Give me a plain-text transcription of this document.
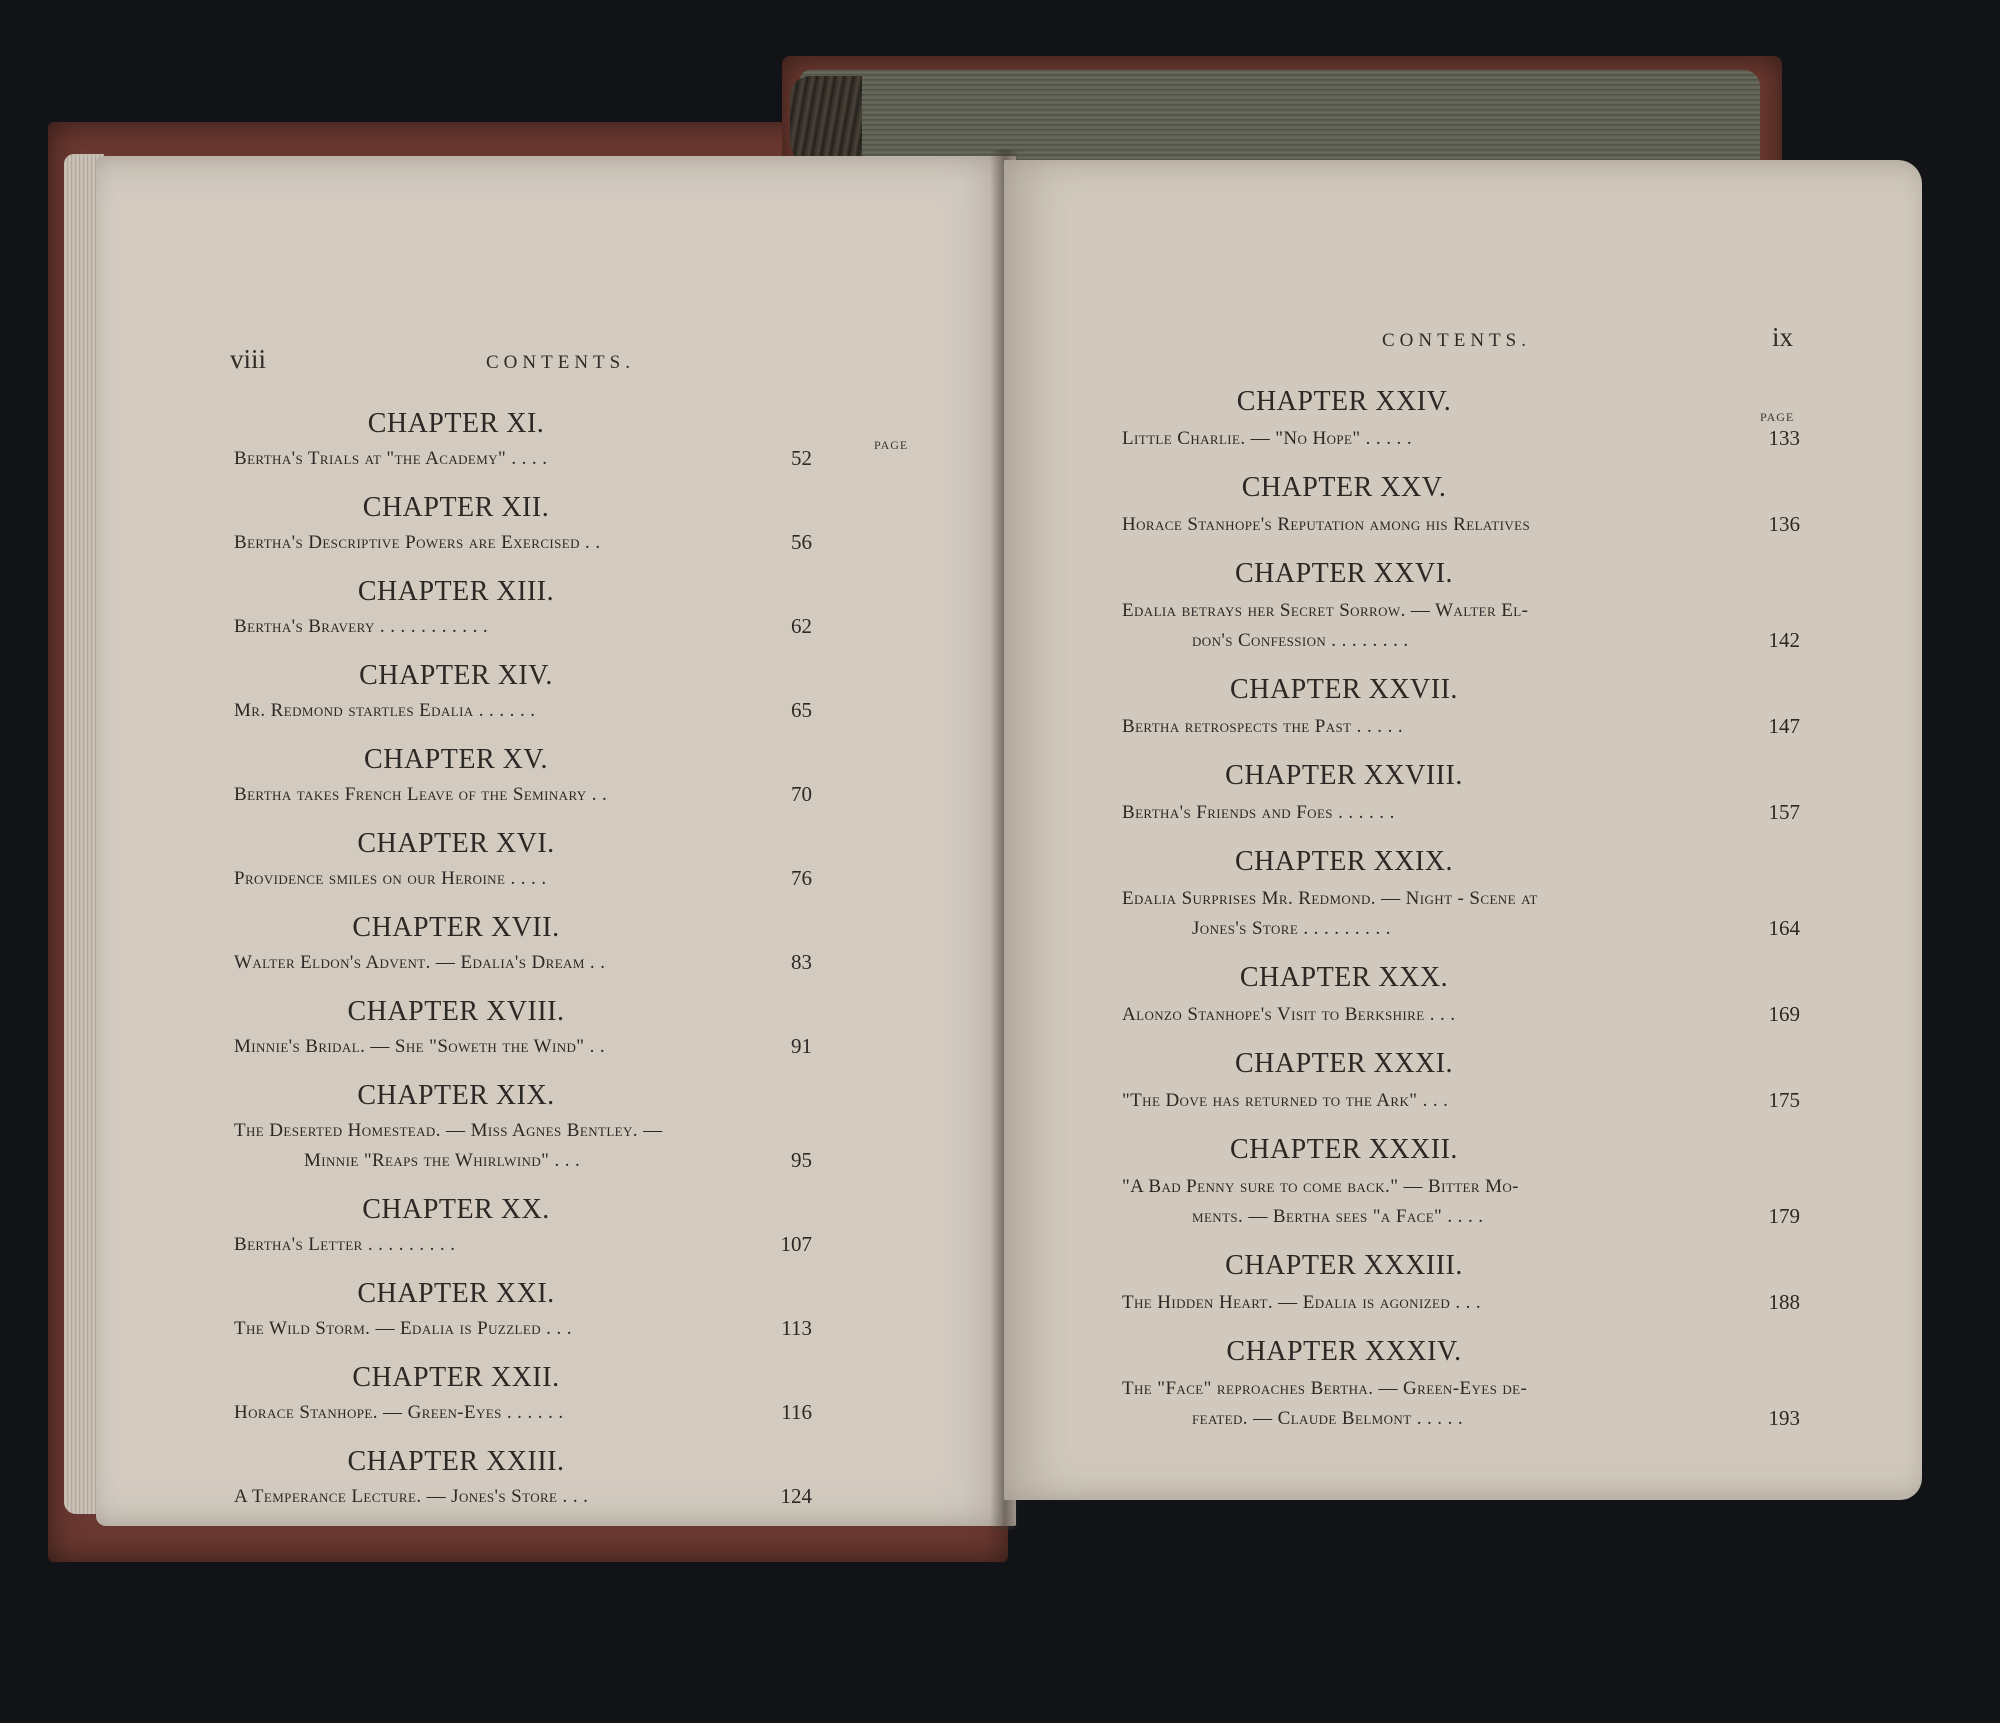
viii	CONTENTS.
PAGE
CHAPTER XI.
Bertha's Trials at "the Academy" . . . .	52
CHAPTER XII.
Bertha's Descriptive Powers are Exercised . .	56
CHAPTER XIII.
Bertha's Bravery . . . . . . . . . . .	62
CHAPTER XIV.
Mr. Redmond startles Edalia . . . . . .	65
CHAPTER XV.
Bertha takes French Leave of the Seminary . .	70
CHAPTER XVI.
Providence smiles on our Heroine . . . .	76
CHAPTER XVII.
Walter Eldon's Advent. — Edalia's Dream . .	83
CHAPTER XVIII.
Minnie's Bridal. — She "Soweth the Wind" . .	91
CHAPTER XIX.
The Deserted Homestead. — Miss Agnes Bentley. —
Minnie "Reaps the Whirlwind" . . .	95
CHAPTER XX.
Bertha's Letter . . . . . . . . .	107
CHAPTER XXI.
The Wild Storm. — Edalia is Puzzled . . .	113
CHAPTER XXII.
Horace Stanhope. — Green-Eyes . . . . . .	116
CHAPTER XXIII.
A Temperance Lecture. — Jones's Store . . .	124
CONTENTS.	ix
PAGE
CHAPTER XXIV.
Little Charlie. — "No Hope" . . . . .	133
CHAPTER XXV.
Horace Stanhope's Reputation among his Relatives	136
CHAPTER XXVI.
Edalia betrays her Secret Sorrow. — Walter El-
don's Confession . . . . . . . .	142
CHAPTER XXVII.
Bertha retrospects the Past . . . . .	147
CHAPTER XXVIII.
Bertha's Friends and Foes . . . . . .	157
CHAPTER XXIX.
Edalia Surprises Mr. Redmond. — Night - Scene at
Jones's Store . . . . . . . . .	164
CHAPTER XXX.
Alonzo Stanhope's Visit to Berkshire . . .	169
CHAPTER XXXI.
"The Dove has returned to the Ark" . . .	175
CHAPTER XXXII.
"A Bad Penny sure to come back." — Bitter Mo-
ments. — Bertha sees "a Face" . . . .	179
CHAPTER XXXIII.
The Hidden Heart. — Edalia is agonized . . .	188
CHAPTER XXXIV.
The "Face" reproaches Bertha. — Green-Eyes de-
feated. — Claude Belmont . . . . .	193
